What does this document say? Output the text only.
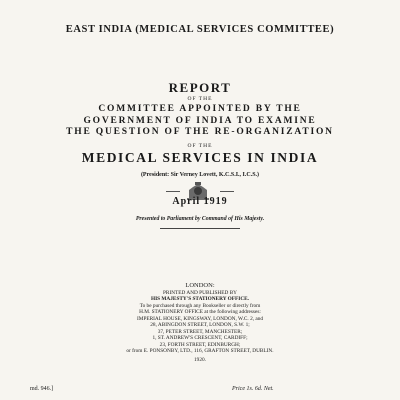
EAST INDIA (MEDICAL SERVICES COMMITTEE)
REPORT
OF THE
COMMITTEE APPOINTED BY THE
GOVERNMENT OF INDIA TO EXAMINE
THE QUESTION OF THE RE-ORGANIZATION
OF THE
MEDICAL SERVICES IN INDIA
(President: Sir Verney Lovett, K.C.S.I., I.C.S.)
April 1919
Presented to Parliament by Command of His Majesty.
LONDON:
PRINTED AND PUBLISHED BY
HIS MAJESTY'S STATIONERY OFFICE.
To be purchased through any Bookseller or directly from
H.M. STATIONERY OFFICE at the following addresses:
IMPERIAL HOUSE, KINGSWAY, LONDON, W.C. 2, and
28, ABINGDON STREET, LONDON, S.W. 1;
37, PETER STREET, MANCHESTER;
1, ST. ANDREW'S CRESCENT, CARDIFF;
23, FORTH STREET, EDINBURGH;
or from E. PONSONBY, LTD., 116, GRAFTON STREET, DUBLIN.
1920.
md. 946.]	Price 1s. 6d. Net.
